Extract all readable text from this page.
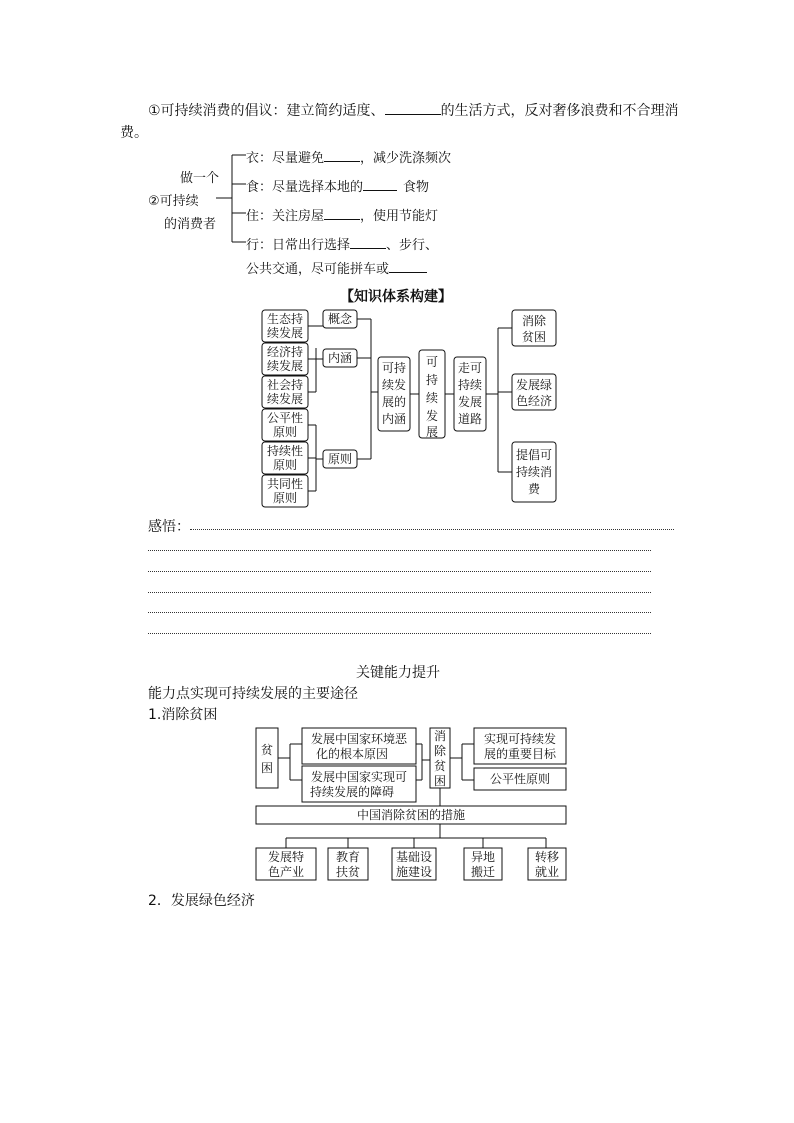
①可持续消费的倡议：建立简约适度、	的生活方式，反对奢侈浪费和不合理消
费。
做一个
②可持续
的消费者
衣：尽量避免	，减少洗涤频次
食：尽量选择本地的	食物
住：关注房屋	，使用节能灯
行：日常出行选择	、步行、
公共交通，尽可能拼车或
【知识体系构建】
生态持
续发展
经济持
续发展
社会持
续发展
公平性
原则
持续性
原则
共同性
原则
概念
内涵
原则
可持
续发
展的
内涵
可
持
续
发
展
走可
持续
发展
道路
消除
贫困
发展绿
色经济
提倡可
持续消
费
感悟：
关键能力提升
能力点实现可持续发展的主要途径
1.消除贫困
贫
困
发展中国家环境恶
化的根本原因
发展中国家实现可
持续发展的障碍
消
除
贫
困
实现可持续发
展的重要目标
公平性原则
中国消除贫困的措施
发展特
色产业
教育
扶贫
基础设
施建设
异地
搬迁
转移
就业
2．发展绿色经济
